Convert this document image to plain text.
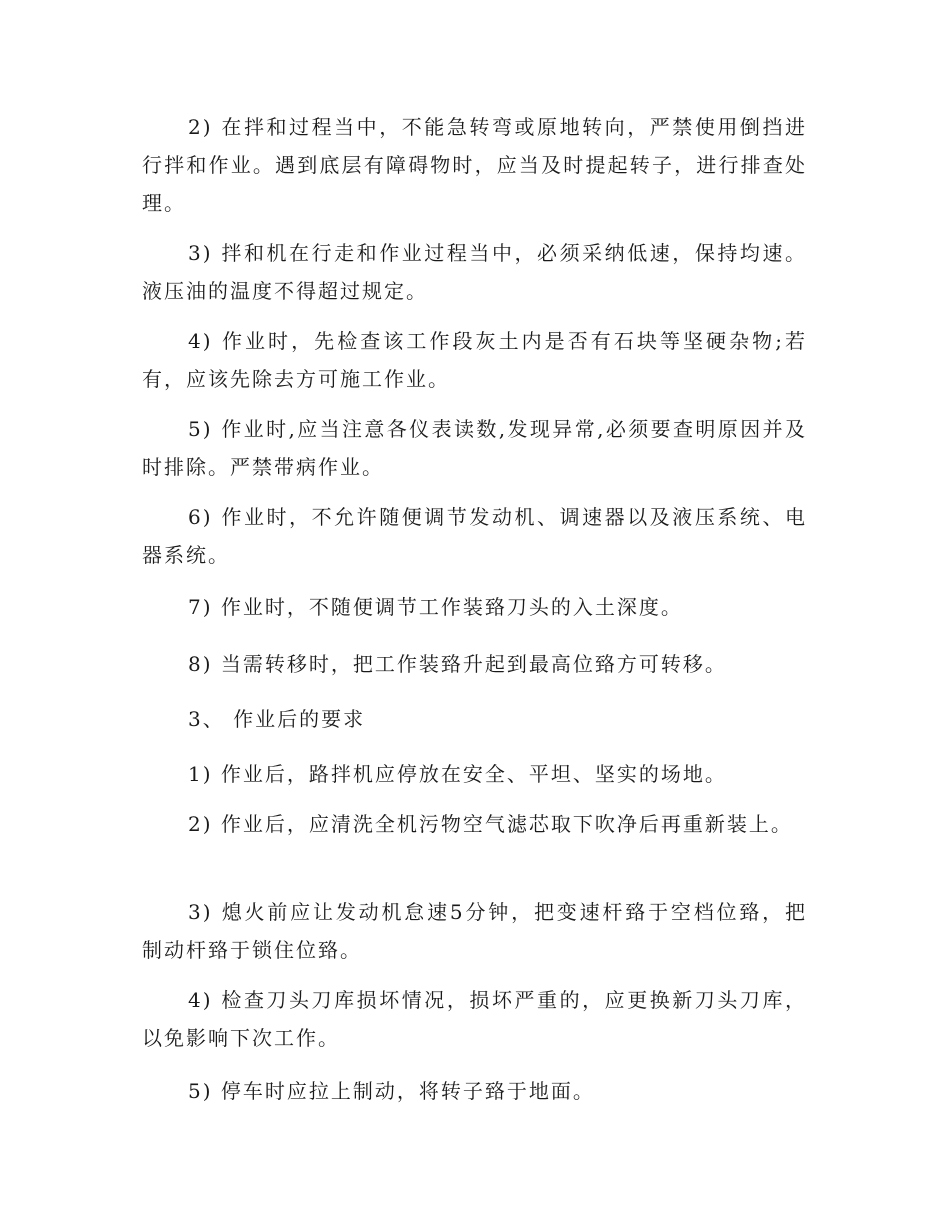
2) 在拌和过程当中，不能急转弯或原地转向，严禁使用倒挡进行拌和作业。遇到底层有障碍物时，应当及时提起转子，进行排查处理。

3) 拌和机在行走和作业过程当中，必须采纳低速，保持均速。液压油的温度不得超过规定。

4) 作业时，先检查该工作段灰土内是否有石块等坚硬杂物;若有，应该先除去方可施工作业。

5) 作业时,应当注意各仪表读数,发现异常,必须要查明原因并及时排除。严禁带病作业。

6) 作业时，不允许随便调节发动机、调速器以及液压系统、电器系统。

7) 作业时，不随便调节工作装臵刀头的入土深度。

8) 当需转移时，把工作装臵升起到最高位臵方可转移。

3、 作业后的要求

1) 作业后，路拌机应停放在安全、平坦、坚实的场地。

2) 作业后，应清洗全机污物空气滤芯取下吹净后再重新装上。

3) 熄火前应让发动机怠速5分钟，把变速杆臵于空档位臵，把制动杆臵于锁住位臵。

4) 检查刀头刀库损坏情况，损坏严重的，应更换新刀头刀库，以免影响下次工作。

5) 停车时应拉上制动，将转子臵于地面。
